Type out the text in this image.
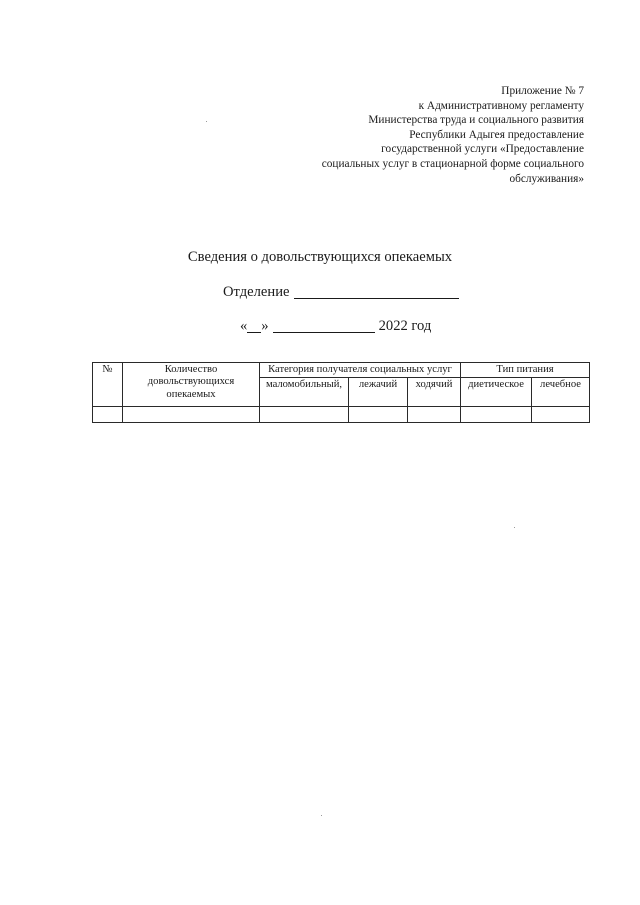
Приложение № 7
к Административному регламенту
Министерства труда и социального развития
Республики Адыгея предоставление
государственной услуги «Предоставление
социальных услуг в стационарной форме социального
обслуживания»
Сведения о довольствующихся опекаемых
Отделение
« »	2022 год
№	Количество довольствующихся опекаемых	Категория получателя социальных услуг			Тип питания	
		маломобильный,	лежачий	ходячий	диетическое	лечебное
